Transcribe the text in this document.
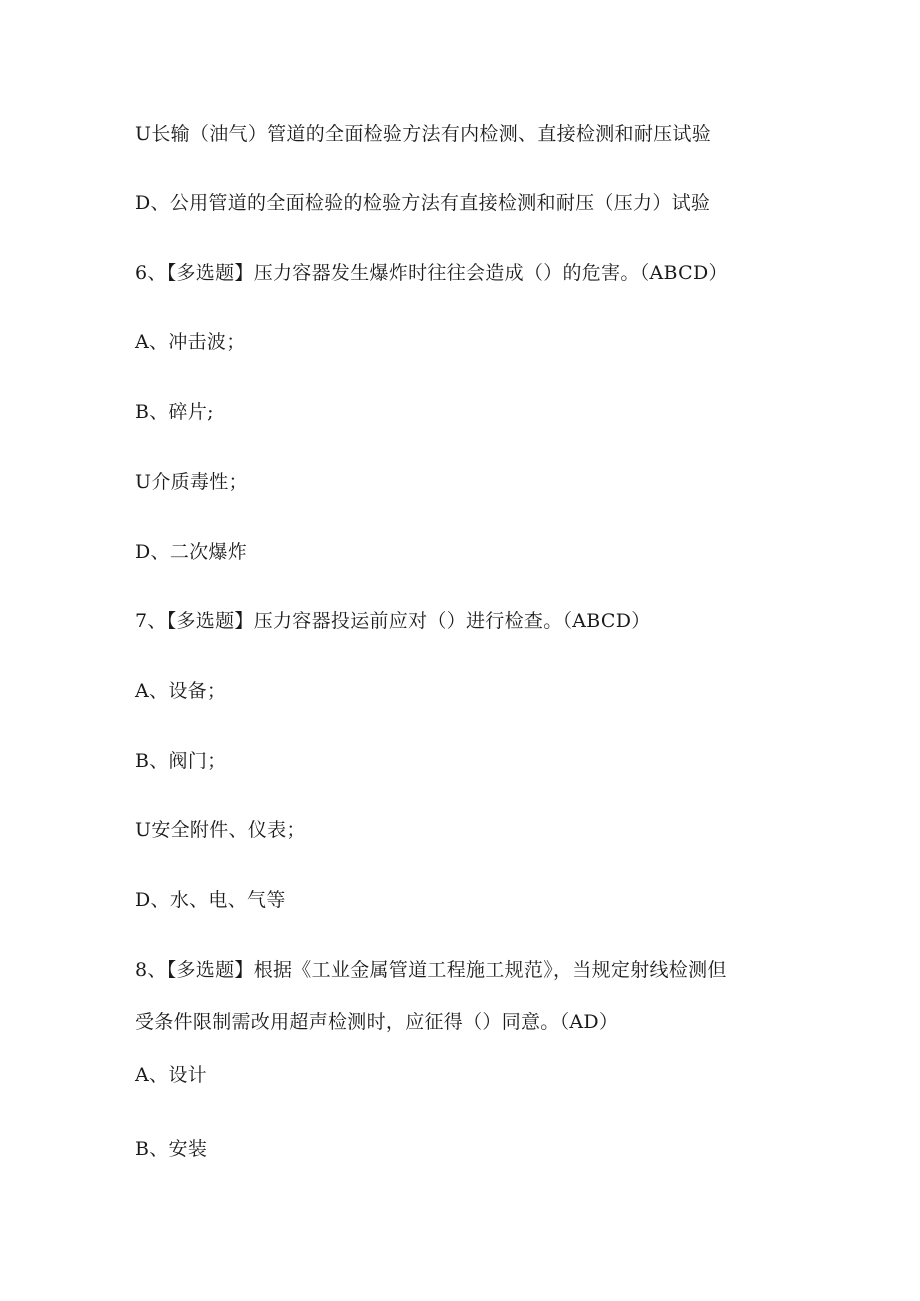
U长输（油气）管道的全面检验方法有内检测、直接检测和耐压试验
D、公用管道的全面检验的检验方法有直接检测和耐压（压力）试验
6、【多选题】压力容器发生爆炸时往往会造成（）的危害。（ABCD）
A、冲击波；
B、碎片;
U介质毒性；
D、二次爆炸
7、【多选题】压力容器投运前应对（）进行检查。（ABCD）
A、设备；
B、阀门；
U安全附件、仪表；
D、水、电、气等
8、【多选题】根据《工业金属管道工程施工规范》，当规定射线检测但
受条件限制需改用超声检测时，应征得（）同意。（AD）
A、设计
B、安装
